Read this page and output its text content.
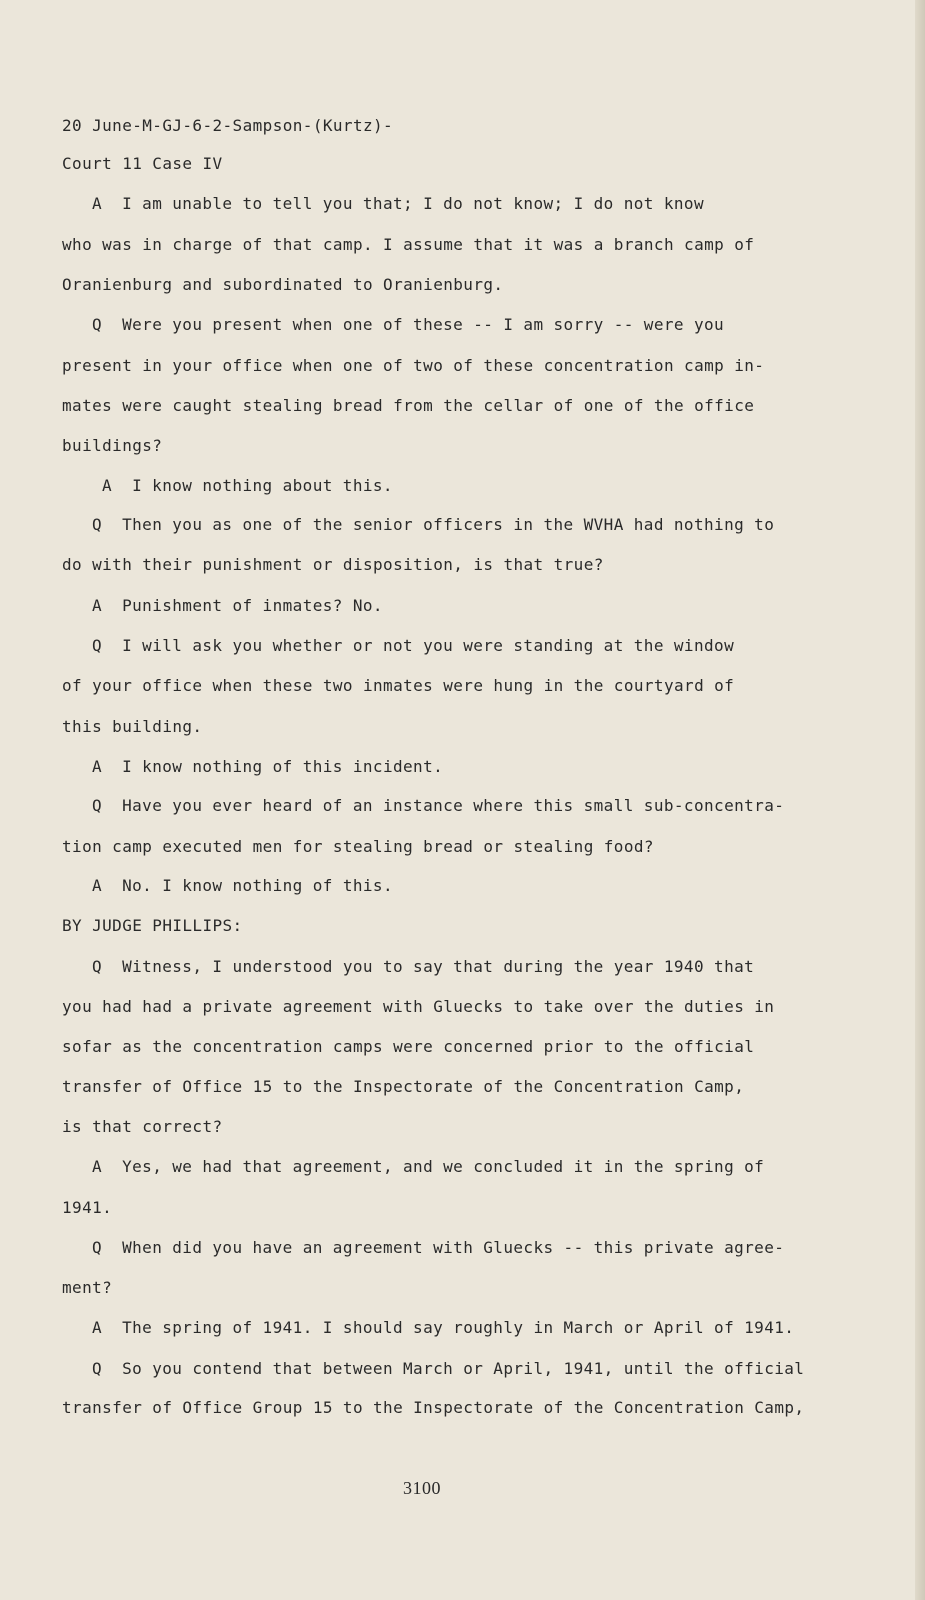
20 June-M-GJ-6-2-Sampson-(Kurtz)-
Court 11 Case IV
A  I am unable to tell you that; I do not know; I do not know
who was in charge of that camp. I assume that it was a branch camp of
Oranienburg and subordinated to Oranienburg.
Q  Were you present when one of these -- I am sorry -- were you
present in your office when one of two of these concentration camp in-
mates were caught stealing bread from the cellar of one of the office
buildings?
A  I know nothing about this.
Q  Then you as one of the senior officers in the WVHA had nothing to
do with their punishment or disposition, is that true?
A  Punishment of inmates? No.
Q  I will ask you whether or not you were standing at the window
of your office when these two inmates were hung in the courtyard of
this building.
A  I know nothing of this incident.
Q  Have you ever heard of an instance where this small sub-concentra-
tion camp executed men for stealing bread or stealing food?
A  No. I know nothing of this.
BY JUDGE PHILLIPS:
Q  Witness, I understood you to say that during the year 1940 that
you had had a private agreement with Gluecks to take over the duties in
sofar as the concentration camps were concerned prior to the official
transfer of Office 15 to the Inspectorate of the Concentration Camp,
is that correct?
A  Yes, we had that agreement, and we concluded it in the spring of
1941.
Q  When did you have an agreement with Gluecks -- this private agree-
ment?
A  The spring of 1941. I should say roughly in March or April of 1941.
Q  So you contend that between March or April, 1941, until the official
transfer of Office Group 15 to the Inspectorate of the Concentration Camp,
3100
